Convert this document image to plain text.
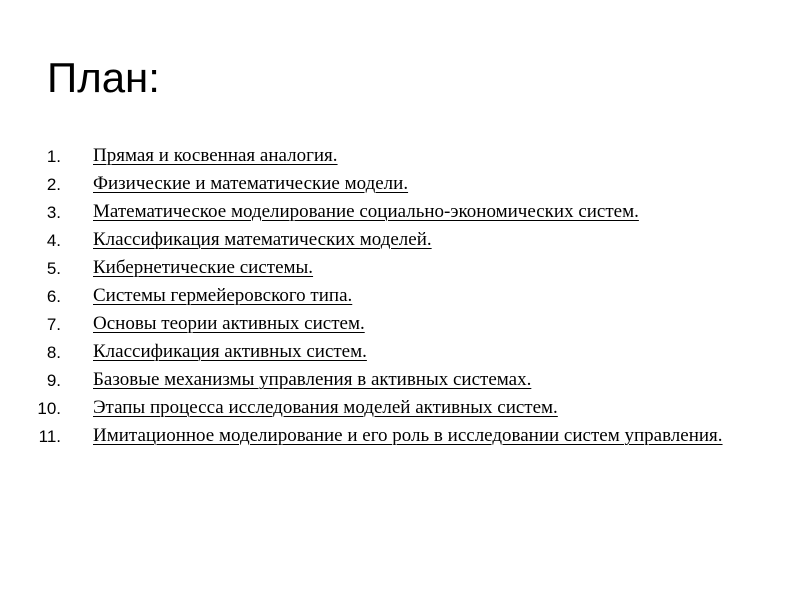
План:
1. Прямая и косвенная аналогия.
2. Физические и математические модели.
3. Математическое моделирование социально-экономических систем.
4. Классификация математических моделей.
5. Кибернетические системы.
6. Системы гермейеровского типа.
7. Основы теории активных систем.
8. Классификация активных систем.
9. Базовые механизмы управления в активных системах.
10. Этапы процесса исследования моделей активных систем.
11. Имитационное моделирование и его роль в исследовании систем управления.
